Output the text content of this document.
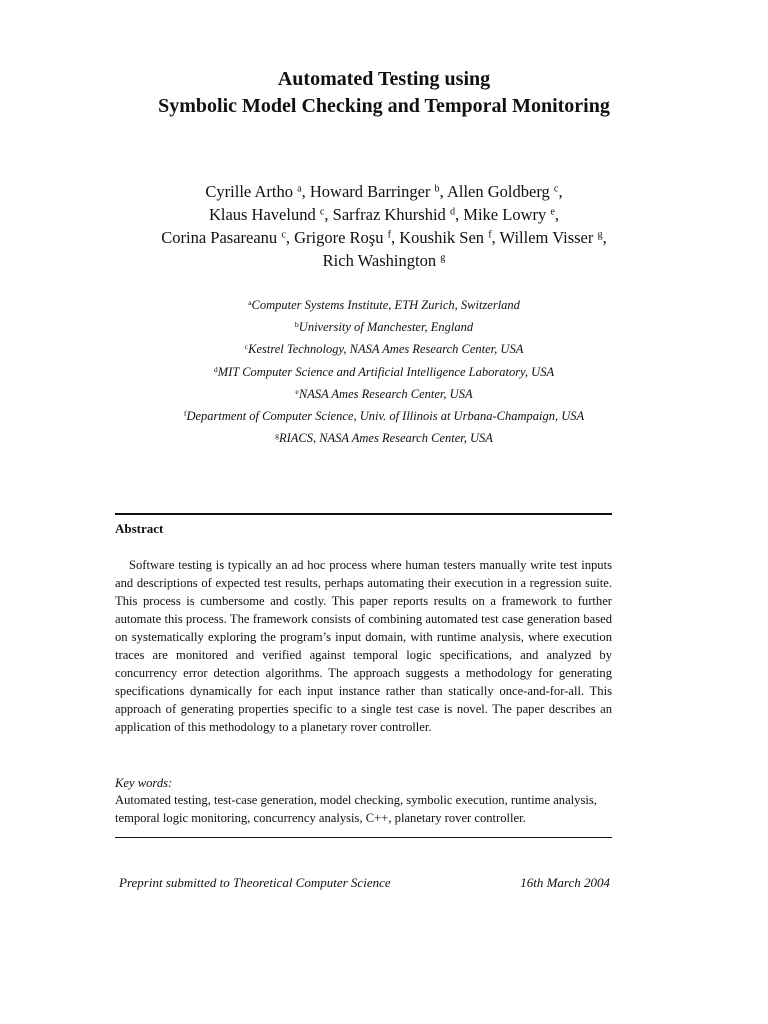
Automated Testing using
Symbolic Model Checking and Temporal Monitoring
Cyrille Artho $^a$, Howard Barringer $^b$, Allen Goldberg $^c$,
Klaus Havelund $^c$, Sarfraz Khurshid $^d$, Mike Lowry $^e$,
Corina Pasareanu $^c$, Grigore Roşu $^f$, Koushik Sen $^f$, Willem Visser $^g$,
Rich Washington $^g$
$^a$Computer Systems Institute, ETH Zurich, Switzerland
$^b$University of Manchester, England
$^c$Kestrel Technology, NASA Ames Research Center, USA
$^d$MIT Computer Science and Artificial Intelligence Laboratory, USA
$^e$NASA Ames Research Center, USA
$^f$Department of Computer Science, Univ. of Illinois at Urbana-Champaign, USA
$^g$RIACS, NASA Ames Research Center, USA
Abstract

Software testing is typically an ad hoc process where human testers manually write test inputs and descriptions of expected test results, perhaps automating their execution in a regression suite. This process is cumbersome and costly. This paper reports results on a framework to further automate this process. The framework consists of combining automated test case generation based on systematically exploring the program’s input domain, with runtime analysis, where execution traces are monitored and verified against temporal logic specifications, and analyzed by concurrency error detection algorithms. The approach suggests a methodology for generating specifications dynamically for each input instance rather than statically once-and-for-all. This approach of generating properties specific to a single test case is novel. The paper describes an application of this methodology to a planetary rover controller.

Key words:

Automated testing, test-case generation, model checking, symbolic execution, runtime analysis, temporal logic monitoring, concurrency analysis, C++, planetary rover controller.

Preprint submitted to Theoretical Computer Science	16th March 2004
